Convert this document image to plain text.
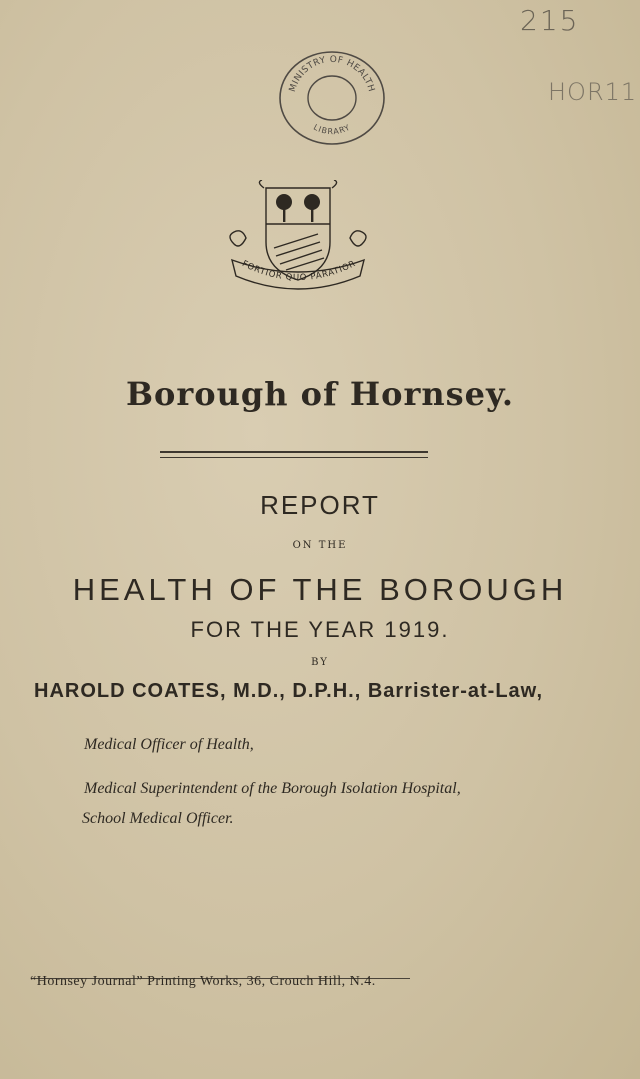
215
HOR11
MINISTRY OF HEALTH
LIBRARY
FORTIOR QUO PARATIOR
Borough of Hornsey.
REPORT
ON THE
HEALTH OF THE BOROUGH
FOR THE YEAR 1919.
BY
HAROLD COATES, M.D., D.P.H., Barrister-at-Law,
Medical Officer of Health,
Medical Superintendent of the Borough Isolation Hospital,
School Medical Officer.
“Hornsey Journal” Printing Works, 36, Crouch Hill, N.4.
